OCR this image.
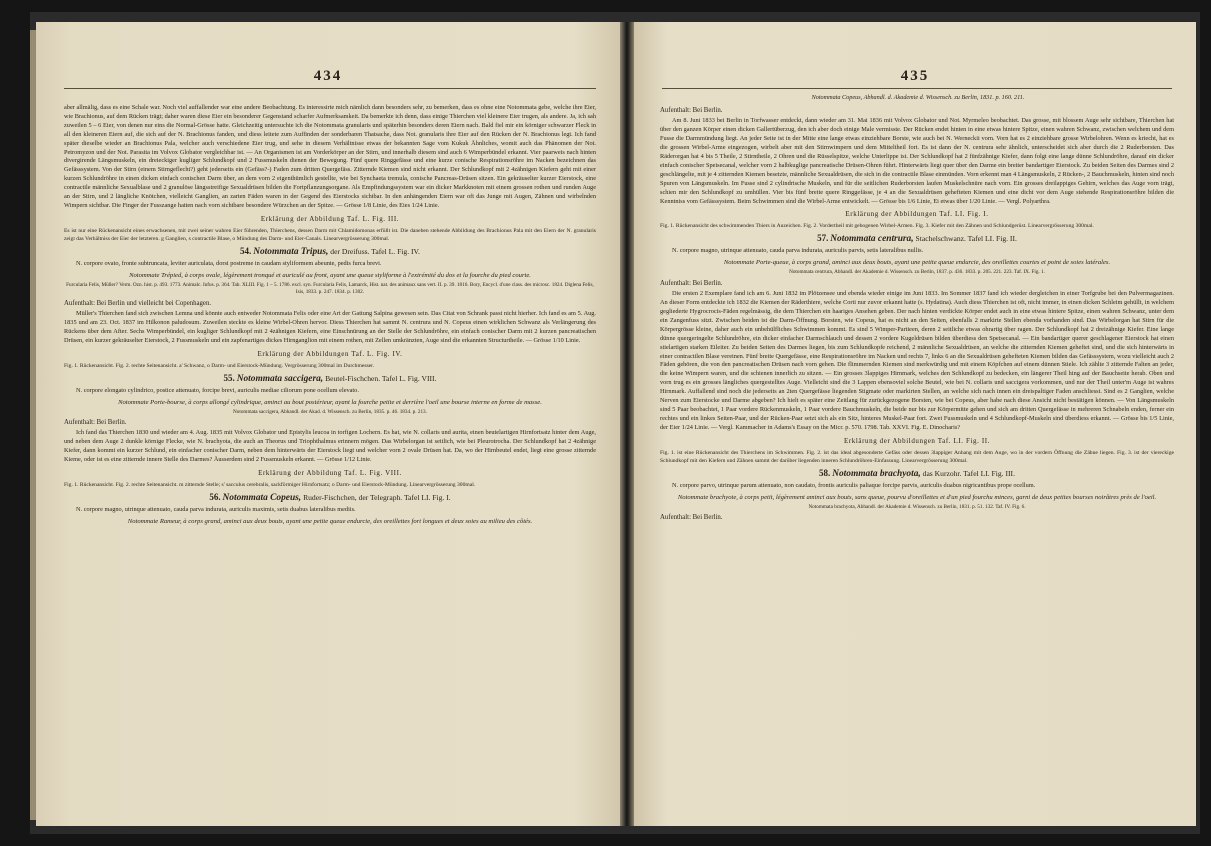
434

aber allmälig, dass es eine Schale war. Noch viel auffallender war eine andere Beobachtung. Es interessirte mich nämlich dann besonders sehr, zu bemerken, dass es ohne eine Notommata gebe, welche ihre Eier, wie Brachionus, auf dem Rücken trägt; daher waren diese Eier ein besonderer Gegenstand scharfer Aufmerksamkeit. Da bemerkte ich denn, dass einige Thierchen viel kleinere Eier trugen, als andere. Ja, ich sah zuweilen 5 – 6 Eier, von denen nur eins die Normal-Grösse hatte. Gleichzeitig untersuchte ich die Notommata granularis und späterhin besonders deren Eiern nach. Bald fiel mir ein körniger schwarzer Fleck in all den kleineren Eiern auf, die sich auf der N. Brachionus fanden, und diess leitete zum Auffinden der sonderbaren Thatsache, dass Not. granularis ihre Eier auf den Rücken der N. Brachionus legt. Ich fand später dieselbe wieder an Brachionus Pala, welcher auch verschiedene Eier trug, und sehe in diesem Verhältnisse etwas der bekannten Sage vom Kukuk Ähnliches, womit auch das Phänomen der Not. Petromyzon und der Not. Parasita im Volvox Globator vergleichbar ist. — An Organismen ist am Vorderkörper an der Stirn, und innerhalb diesem sind auch 6 Wimperbündel erkannt. Vier paarweis nach hinten divergirende Längsmuskeln, ein dreieckiger kugliger Schlundkopf und 2 Fussmuskeln dienen der Bewegung. Fünf quere Ringgefässe und eine kurze conische Respirationsröhre im Nacken bezeichnen das Gefässsystem. Von der Stirn (einem Stirngeflecht?) geht jederseits ein (Gefäss?-) Faden zum dritten Quergefäss. Zitternde Kiemen sind nicht erkannt. Der Schlundkopf mit 2 4zähnigen Kiefern geht mit einer kurzen Schlundröhre in einen dicken einfach conischen Darm über, an dem vorn 2 eigenthümlich gestellte, wie bei Synchaeta tremula, conische Pancreas-Drüsen sitzen. Ein gekräuselter kurzer Eierstock, eine contractile männliche Sexualblase und 2 granulöse längsstreifige Sexualdrüsen bilden die Fortpflanzungsorgane. Als Empfindungssystem war ein dicker Markknoten mit einem grossen rothen und runden Auge an der Stirn, und 2 längliche Knötchen, vielleicht Ganglien, an zarten Fäden waren in der Gegend des Eierstocks sichtbar. In den anhängenden Eiern war oft das Junge mit Augen, Zähnen und wirbelnden Wimpern sichtbar. Die Finger der Fusszange hatten nach vorn sichtbare besondere Würzchen an der Spitze. — Grösse 1/8 Linie, des Eies 1/24 Linie.

Erklärung der Abbildung Taf. L. Fig. III.

Es ist nur eine Rückenansicht eines erwachsenen, mit zwei seiner wahren Eier führenden, Thierchens, dessen Darm mit Chlamidomonas erfüllt ist. Die daneben stehende Abbildung des Brachionus Pala mit den Eiern der N. granularis zeigt das Verhältniss der Eier der letzteren. g Ganglien, s contractile Blase, o Mündung des Darm- und Eier-Canals. Linearvergrösserung 300mal.

54. Notommata Tripus, der Dreifuss. Tafel L. Fig. IV.

N. corpore ovato, fronte subtruncata, leviter auriculata, dorsi postreme in caudam styliformem abeunte, pedis furca brevi.

Notommate Trépied, à corps ovale, légèrement tronqué et auriculé au front, ayant une queue styliforme à l'extrémité du dos et la fourche du pied courte.

Furcularia Felis, Müller? Verm. Ozn. hist. p. 493. 1773. Animalc. Infus. p. 364. Tab. XLIII. Fig. 1 – 5. 1786. excl. syn. Furcularia Felis, Lamarck, Hist. nat. des animaux sans vert. II. p. 39. 1816. Bory, Encycl. d'une class. des microsc. 1824. Diglena Felis, Isis, 1833. p. 247. 1834. p. 1302.

Aufenthalt: Bei Berlin und vielleicht bei Copenhagen.

Müller's Thierchen fand sich zwischen Lemna und könnte auch entweder Notommata Felis oder eine Art der Gattung Salpina gewesen sein. Das Citat von Schrank passt nicht hierher. Ich fand es am 5. Aug. 1835 und am 23. Oct. 1837 im Hilkonon paludosum. Zuweilen steckte es kleine Wirbel-Ohren hervor. Diess Thierchen hat sammt N. centrura und N. Copeus einen wirklichen Schwanz als Verlängerung des Rückens über dem After. Sechs Wimperbündel, ein kugliger Schlundkopf mit 2 4zähnigen Kiefern, eine Einschnürung an der Stelle der Schlundröhre, ein einfach conischer Darm mit 2 kurzen pancreatischen Drüsen, ein kurzer gekräuselter Eierstock, 2 Fussmuskeln und ein zapfenartiges dickes Hirnganglion mit einem rothen, mit Zellen umkränzten, Auge sind die erkannten Structurtheile. — Grösse 1/10 Linie.

Erklärung der Abbildungen Taf. L. Fig. IV.

Fig. 1. Rückenansicht. Fig. 2. rechte Seitenansicht. a' Schwanz, o Darm- und Eierstock-Mündung. Vergrösserung 300mal im Durchmesser.

55. Notommata saccigera, Beutel-Fischchen. Tafel L. Fig. VIII.

N. corpore elongato cylindrico, postice attenuato, forcipe brevi, auriculis mediae ciliorum pone ocellum elevato.

Notommate Porte-bourse, à corps allongé cylindrique, aminci au bout postérieur, ayant la fourche petite et derrière l'oeil une bourse interne en forme de masse.

Notommata saccigera, Abhandl. der Akad. d. Wissensch. zu Berlin, 1835. p. 46. 1834. p. 213.

Aufenthalt: Bei Berlin.

Ich fand das Thierchen 1830 und wieder am 4. Aug. 1835 mit Volvox Globator und Epistylis leucoa in torfigen Lochern. Es hat, wie N. collaris und aurita, einen beutelartigen Hirnfortsatz hinter dem Auge, und neben dem Auge 2 dunkle körnige Flecke, wie N. brachyota, die auch an Theorus und Triophthalmus erinnern mögen. Das Wirbelorgan ist seitlich, wie bei Pleurotrocha. Der Schlundkopf hat 2 4zähnige Kiefer, dann kommt ein kurzer Schlund, ein einfacher conischer Darm, neben dem hinterwärts der Eierstock liegt und welcher vorn 2 ovale Drüsen hat. Da, wo der Hirnbeutel endet, liegt eine grosse zitternde Kieme, oder ist es eine zitternde innere Stelle des Darmes? Äusserdem sind 2 Fussmuskeln erkannt. — Grösse 1/12 Linie.

Erklärung der Abbildung Taf. L. Fig. VIII.

Fig. 1. Rückenansicht. Fig. 2. rechte Seitenansicht. m zitternde Stelle; s' sacculus cerebralis, sackförmiger Hirnfortsatz; o Darm- und Eierstock-Mündung. Linearvergrösserung 300mal.

56. Notommata Copeus, Ruder-Fischchen, der Telegraph. Tafel LI. Fig. I.

N. corpore magno, utrinque attenuato, cauda parva indurata, auriculis maximis, setis duabus lateralibus mediis.

Notommate Rameur, à corps grand, aminci aux deux bouts, ayant une petite queue endurcie, des oreillettes fort longues et deux soies au milieu des côtés.

435
Notommata Copeus, Abhandl. d. Akademie d. Wissensch. zu Berlin, 1831. p. 160. 211.
Aufenthalt: Bei Berlin.

Am 8. Juni 1833 bei Berlin in Torfwasser entdeckt, dann wieder am 31. Mai 1836 mit Volvox Globator und Not. Myrmeleo beobachtet. Das grosse, mit blossem Auge sehr sichtbare, Thierchen hat über den ganzen Körper einen dicken Gallertüberzug, den ich aber doch einige Male vermisste. Der Rücken endet hinten in eine etwas hintere Spitze, einen wahren Schwanz, zwischen welchem und dem Fusse die Darmmündung liegt. An jeder Seite ist in der Mitte eine lange etwas einziehbare Borste, wie auch bei N. Werneckii vorn. Vorn hat es 2 einziehbare grosse Wirbelohren. Wenn es kriecht, hat es die grossen Wirbel-Arme eingezogen, wirbelt aber mit den Stirnwimpern und dem Mitteltheil fort. Es ist dann der N. centrura sehr ähnlich, unterscheidet sich aber durch die 2 Ruderborsten. Das Räderorgan hat 4 bis 5 Theile, 2 Stirntheile, 2 Ohren und die Rüsselspitze, welche Unterlippe ist. Der Schlundkopf hat 2 fünfzähnige Kiefer, dann folgt eine lange dünne Schlundröhre, darauf ein dicker einfach conischer Speisecanal, welcher vorn 2 halbkuglige pancreatische Drüsen-Ohren führt. Hinterwärts liegt quer über den Darme ein breiter bandartiger Eierstock. Zu beiden Seiten des Darmes sind 2 geschlängelte, mit je 4 zitternden Kiemen besetzte, männliche Sexualdrüsen, die sich in die contractile Blase einmünden. Vorn erkennt man 4 Längsmuskeln, 2 Rücken-, 2 Bauchmuskeln, hinten sind noch Spuren von Längsmuskeln. Im Fusse sind 2 cylindrische Muskeln, und für die seitlichen Ruderborsten laufen Muskelschnüre nach vorn. Ein grosses dreilappiges Gehirn, welches das Auge vorn trägt, schien mir den Schlundkopf zu umhüllen. Vier bis fünf breite quere Ringgefässe, je 4 an die Sexualdrüsen gehefteten Kiemen und eine dicht vor dem Auge stehende Respirationsröhre bilden die Kenntniss vom Gefässsystem. Beim Schwimmen sind die Wirbel-Arme entwickelt. — Grösse bis 1/6 Linie, Ei etwas über 1/20 Linie. — Vergl. Polyarthra.

Erklärung der Abbildungen Taf. LI. Fig. I.

Fig. 1. Rückenansicht des schwimmenden Thiers in Auzeichen. Fig. 2. Vordertheil mit gebogenen Wirbel-Armen. Fig. 3. Kiefer mit den Zähnen und Schlundgerüst. Linearvergrösserung 300mal.

57. Notommata centrura, Stachelschwanz. Tafel LI. Fig. II.

N. corpore magno, utrinque attenuato, cauda parva indurata, auriculis parvis, setis lateralibus nullis.

Notommate Porte-queue, à corps grand, aminci aux deux bouts, ayant une petite queue endurcie, des oreillettes courtes et point de soies latérales.

Notommata centrura, Abhandl. der Akademie d. Wissensch. zu Berlin, 1837. p. 436. 1833. p. 205. 221. 223. Taf. IX. Fig. 1.

Aufenthalt: Bei Berlin.

Die ersten 2 Exemplare fand ich am 6. Juni 1832 im Plötzensee und ebenda wieder einige im Juni 1833. Im Sommer 1837 fand ich wieder dergleichen in einer Torfgrube bei den Pulvermagazinen. An dieser Form entdeckte ich 1832 die Kiemen der Räderthiere, welche Corti nur zuvor erkannt hatte (s. Hydatina). Auch diess Thierchen ist oft, nicht immer, in einen dicken Schleim gehüllt, in welchem gegliederte Hygrocrocis-Fäden regelmässig, die dem Thierchen ein haariges Ansehen geben. Der nach hinten verdickte Körper endet auch in eine etwas hintere Spitze, einen wahren Schwanz, unter dem ein Zangenfuss sitzt. Zwischen beiden ist die Darm-Öffnung. Borsten, wie Copeus, hat es nicht an den Seiten, ebenfalls 2 markirte Stellen ebenda vorhanden sind. Das Wirbelorgan hat Stirn für die Körpergrösse kleine, daher auch ein unbehülfliches Schwimmen kommt. Es sind 5 Wimper-Partieen, deren 2 seitliche etwas ohrartig über ragen. Der Schlundkopf hat 2 dreizähnige Kiefer. Eine lange dünne quergeringelte Schlundröhre, ein dicker einfacher Darmschlauch und dessen 2 vordere Kugeldrüsen bilden überdiess den Speisecanal. — Ein bandartiger querer geschlagener Eierstock hat einen stielartigen starken Eileiter. Zu beiden Seiten des Darmes liegen, bis zum Schlundkopfe reichend, 2 männliche Sexualdrüsen, an welche die zitternden Kiemen geheftet sind, und die sich hinterwärts in einer contractilen Blase vereinen. Fünf breite Quergefässe, eine Respirationsröhre im Nacken und rechts 7, links 6 an die Sexualdrüsen gehefteten Kiemen bilden das Gefässsystem, wozu vielleicht auch 2 Fäden gehören, die von den pancreatischen Drüsen nach vorn gehen. Die flimmernden Kiemen sind merkwürdig und mit einem Köpfchen auf einem dünnen Stiele. Ich zählte 3 zitternde Falten an jeder, die keine Wimpern waren, und die schienen innerlich zu sitzen. — Ein grosses 3lappiges Hirnmark, welches den Schlundkopf zu bedecken, ein längerer Theil hing auf der Bauchseite herab. Oben und vorn trug es ein grosses längliches quergestelltes Auge. Vielleicht sind die 3 Lappen ebensoviel solche Beutel, wie bei N. collaris und saccigera vorkommen, und nur der Theil unter'm Auge ist wahres Hirnmark. Auffallend sind noch die jederseits an 2ten Quergefässe liegenden Stigmate oder markirten Stellen, an welche sich nach innen ein dreispaltiger Faden anschliesst. Sind es 2 Ganglien, welche Nerven zum Eierstocke und Darme abgeben? Ich hielt es später eine Zeitlang für zurückgezogene Borsten, wie bei Copeus, aber habe nach diese Ansicht nicht bestätigen können. — Von Längsmuskeln sind 5 Paar beobachtet, 1 Paar vordere Rückenmuskeln, 1 Paar vordere Bauchmuskeln, die beide nur bis zur Körpermitte gehen und sich am dritten Quergefässe in mehreren Schnabeln enden, ferner ein rechtes und ein linkes Seiten-Paar, und der Rücken-Paar setzt sich als ein Sitz, hinteres Muskel-Paar fort. Zwei Fussmuskeln und 4 Schlundkopf-Muskeln sind überdiess erkannt. — Grösse bis 1/5 Linie, der Eier 1/24 Linie. — Vergl. Kammacher in Adams's Essay on the Micr. p. 570. 1798. Tab. XXVI. Fig. E. Dinocharis?

Erklärung der Abbildungen Taf. LI. Fig. II.

Fig. 1. ist eine Rückenansicht des Thierchens im Schwimmen. Fig. 2. ist das ideal abgesonderte Gefäss oder dessen 3lappiger Anhang mit dem Auge, wo in der vordern Öffnung die Zähne liegen. Fig. 3. ist der viereckige Schlundkopf mit den Kiefern und Zähnen sammt der darüber liegenden inneren Schlundröhren-Einfassung. Linearvergrösserung 300mal.

58. Notommata brachyota, das Kurzohr. Tafel LI. Fig. III.

N. corpore parvo, utrinque parum attenuato, non caudato, frontis auriculis paliaque forcipe parvis, auriculis duabus nigricantibus prope ocellum.

Notommate brachyote, à corps petit, légèrement aminci aux bouts, sans queue, pourvu d'oreillettes et d'un pied fourchu minces, garni de deux petites bourses noirâtres près de l'oeil.

Notommata brachyota, Abhandl. der Akademie d. Wissensch. zu Berlin, 1831. p. 51. 132. Taf. IV. Fig. 6.

Aufenthalt: Bei Berlin.
